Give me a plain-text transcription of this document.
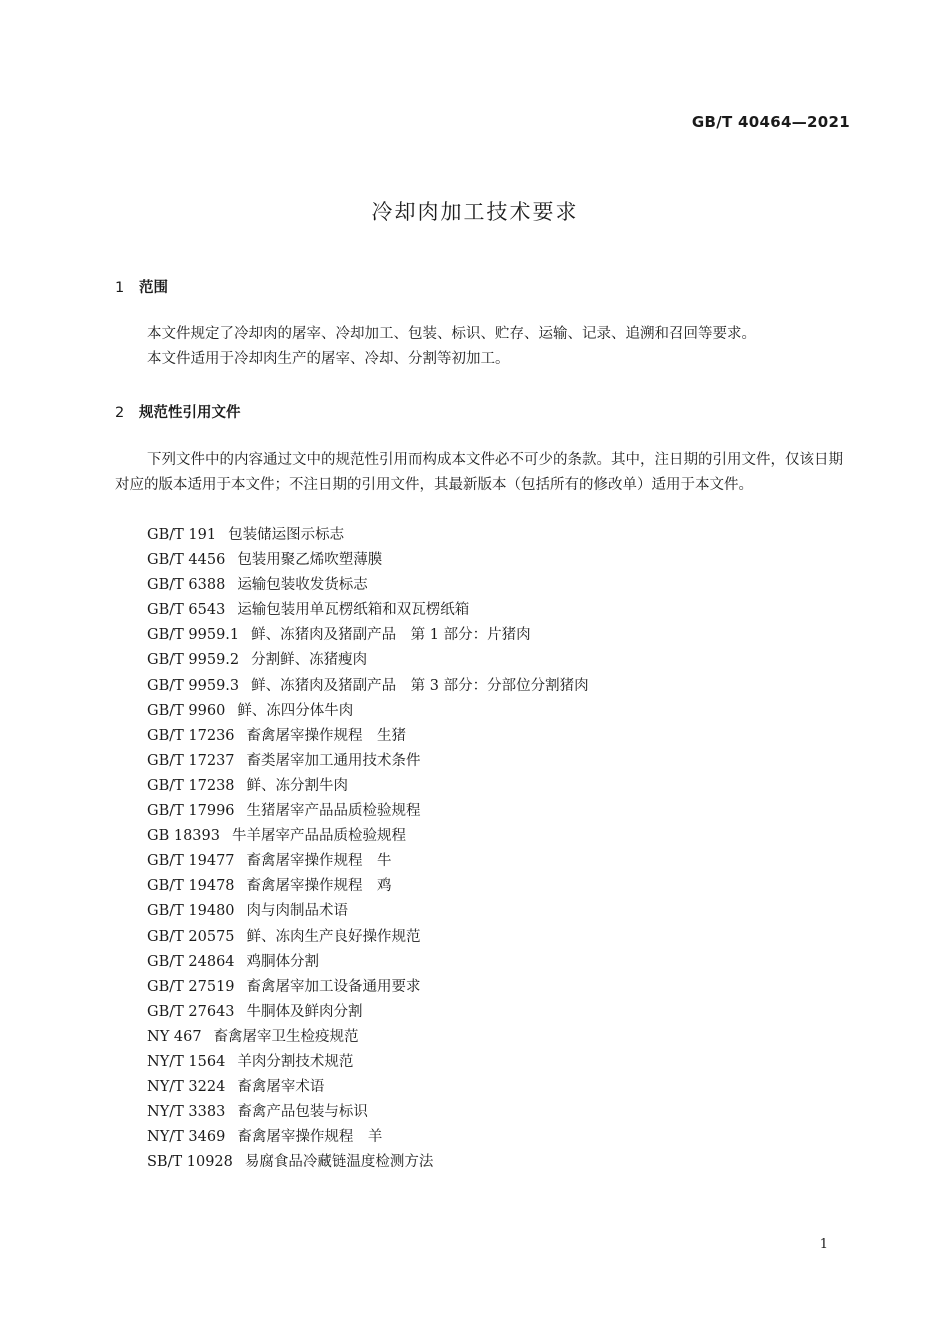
GB/T 40464—2021
冷却肉加工技术要求
1 范围
本文件规定了冷却肉的屠宰、冷却加工、包装、标识、贮存、运输、记录、追溯和召回等要求。
本文件适用于冷却肉生产的屠宰、冷却、分割等初加工。
2 规范性引用文件
下列文件中的内容通过文中的规范性引用而构成本文件必不可少的条款。其中，注日期的引用文件，仅该日期对应的版本适用于本文件；不注日期的引用文件，其最新版本（包括所有的修改单）适用于本文件。
GB/T 191 包装储运图示标志
GB/T 4456 包装用聚乙烯吹塑薄膜
GB/T 6388 运输包装收发货标志
GB/T 6543 运输包装用单瓦楞纸箱和双瓦楞纸箱
GB/T 9959.1 鲜、冻猪肉及猪副产品　第 1 部分：片猪肉
GB/T 9959.2 分割鲜、冻猪瘦肉
GB/T 9959.3 鲜、冻猪肉及猪副产品　第 3 部分：分部位分割猪肉
GB/T 9960 鲜、冻四分体牛肉
GB/T 17236 畜禽屠宰操作规程　生猪
GB/T 17237 畜类屠宰加工通用技术条件
GB/T 17238 鲜、冻分割牛肉
GB/T 17996 生猪屠宰产品品质检验规程
GB 18393 牛羊屠宰产品品质检验规程
GB/T 19477 畜禽屠宰操作规程　牛
GB/T 19478 畜禽屠宰操作规程　鸡
GB/T 19480 肉与肉制品术语
GB/T 20575 鲜、冻肉生产良好操作规范
GB/T 24864 鸡胴体分割
GB/T 27519 畜禽屠宰加工设备通用要求
GB/T 27643 牛胴体及鲜肉分割
NY 467 畜禽屠宰卫生检疫规范
NY/T 1564 羊肉分割技术规范
NY/T 3224 畜禽屠宰术语
NY/T 3383 畜禽产品包装与标识
NY/T 3469 畜禽屠宰操作规程　羊
SB/T 10928 易腐食品冷藏链温度检测方法
1
